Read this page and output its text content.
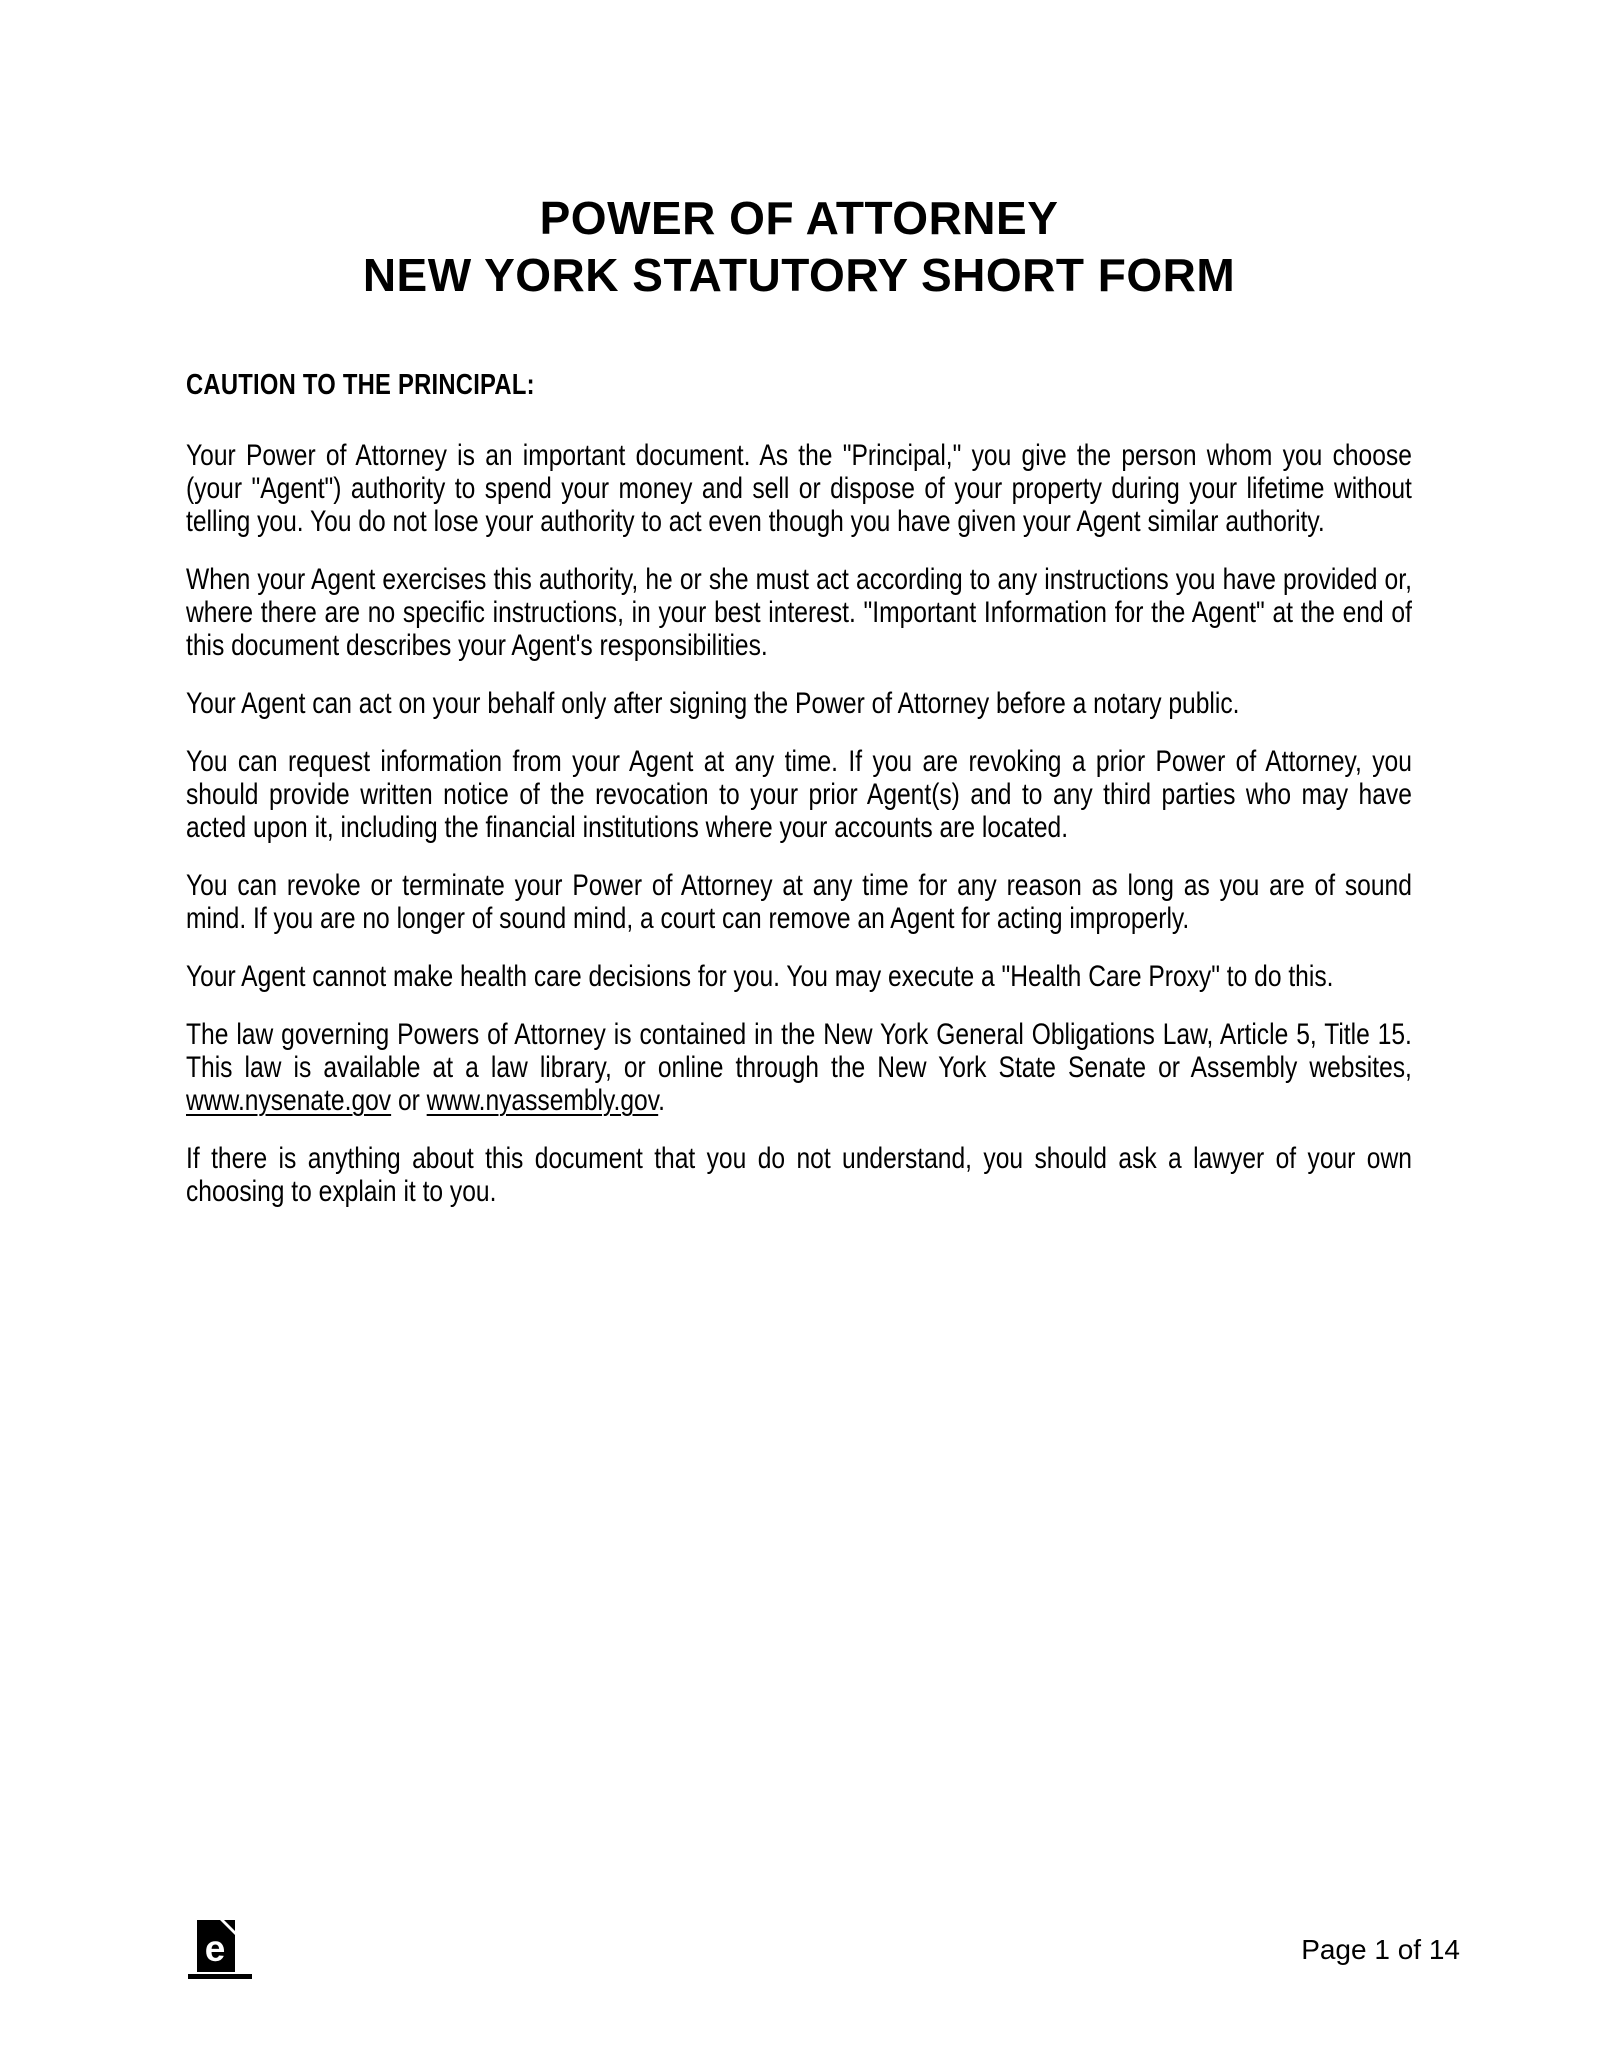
POWER OF ATTORNEY
NEW YORK STATUTORY SHORT FORM
CAUTION TO THE PRINCIPAL:

Your Power of Attorney is an important document. As the "Principal," you give the person whom you choose (your "Agent") authority to spend your money and sell or dispose of your property during your lifetime without telling you. You do not lose your authority to act even though you have given your Agent similar authority.

When your Agent exercises this authority, he or she must act according to any instructions you have provided or, where there are no specific instructions, in your best interest. "Important Information for the Agent" at the end of this document describes your Agent's responsibilities.

Your Agent can act on your behalf only after signing the Power of Attorney before a notary public.

You can request information from your Agent at any time. If you are revoking a prior Power of Attorney, you should provide written notice of the revocation to your prior Agent(s) and to any third parties who may have acted upon it, including the financial institutions where your accounts are located.

You can revoke or terminate your Power of Attorney at any time for any reason as long as you are of sound mind. If you are no longer of sound mind, a court can remove an Agent for acting improperly.

Your Agent cannot make health care decisions for you. You may execute a "Health Care Proxy" to do this.

The law governing Powers of Attorney is contained in the New York General Obligations Law, Article 5, Title 15. This law is available at a law library, or online through the New York State Senate or Assembly websites, www.nysenate.gov or www.nyassembly.gov.

If there is anything about this document that you do not understand, you should ask a lawyer of your own choosing to explain it to you.

e	Page 1 of 14
